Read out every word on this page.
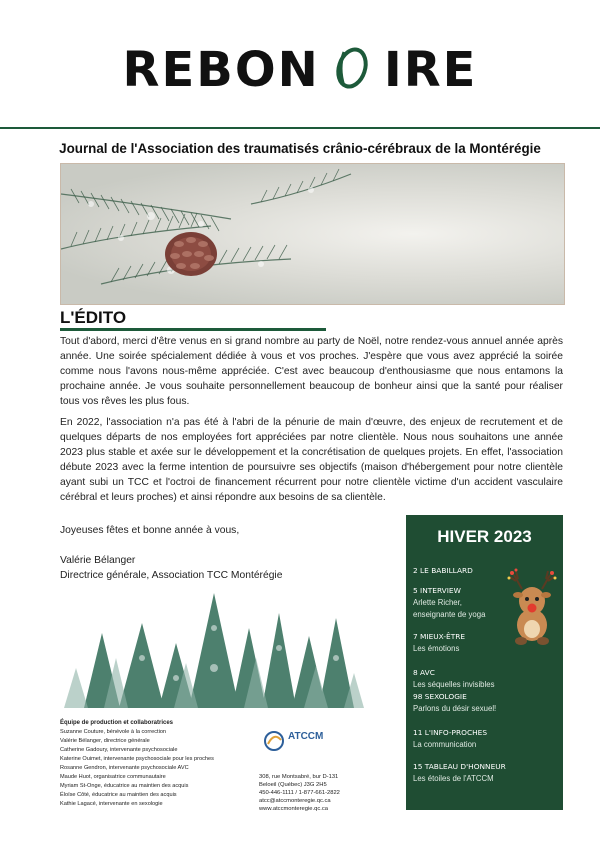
REBON IRE
Journal de l'Association des traumatisés crânio-cérébraux de la Montérégie
L'ÉDITO

Tout d'abord, merci d'être venus en si grand nombre au party de Noël, notre rendez-vous annuel année après année. Une soirée spécialement dédiée à vous et vos proches. J'espère que vous avez apprécié la soirée comme nous l'avons nous-même appréciée. C'est avec beaucoup d'enthousiasme que nous entamons la prochaine année. Je vous souhaite personnellement beaucoup de bonheur ainsi que la santé pour réaliser tous vos rêves les plus fous.

En 2022, l'association n'a pas été à l'abri de la pénurie de main d'œuvre, des enjeux de recrutement et de quelques départs de nos employées fort appréciées par notre clientèle. Nous nous souhaitons une année 2023 plus stable et axée sur le développement et la concrétisation de quelques projets. En effet, l'association débute 2023 avec la ferme intention de poursuivre ses objectifs (maison d'hébergement pour notre clientèle ayant subi un TCC et l'octroi de financement récurrent pour notre clientèle victime d'un accident vasculaire cérébral et leurs proches) et ainsi répondre aux besoins de sa clientèle.

Joyeuses fêtes et bonne année à vous,
Valérie Bélanger
Directrice générale, Association TCC Montérégie
Équipe de production et collaboratrices
Suzanne Couture, bénévole à la correction
Valérie Bélanger, directrice générale
Catherine Gadoury, intervenante psychosociale
Katerine Ouimet, intervenante psychosociale pour les proches
Rosanne Gendron, intervenante psychosociale AVC
Maude Huot, organisatrice communautaire
Myriam St-Onge, éducatrice au maintien des acquis
Éloïse Côté, éducatrice au maintien des acquis
Kathie Lagacé, intervenante en sexologie
ATCCM
308, rue Montsabré, bur D-131
Beloeil (Québec) J3G 2H5
450-446-1111 / 1-877-661-2822
atcc@atccmonteregie.qc.ca
www.atccmonteregie.qc.ca
HIVER 2023
2 LE BABILLARD
5 INTERVIEW
Arlette Richer,
enseignante de yoga
7 MIEUX-ÊTRE
Les émotions
8 AVC
Les séquelles invisibles
98 SEXOLOGIE
Parlons du désir sexuel!
11 L'INFO-PROCHES
La communication
15 TABLEAU D'HONNEUR
Les étoiles de l'ATCCM
